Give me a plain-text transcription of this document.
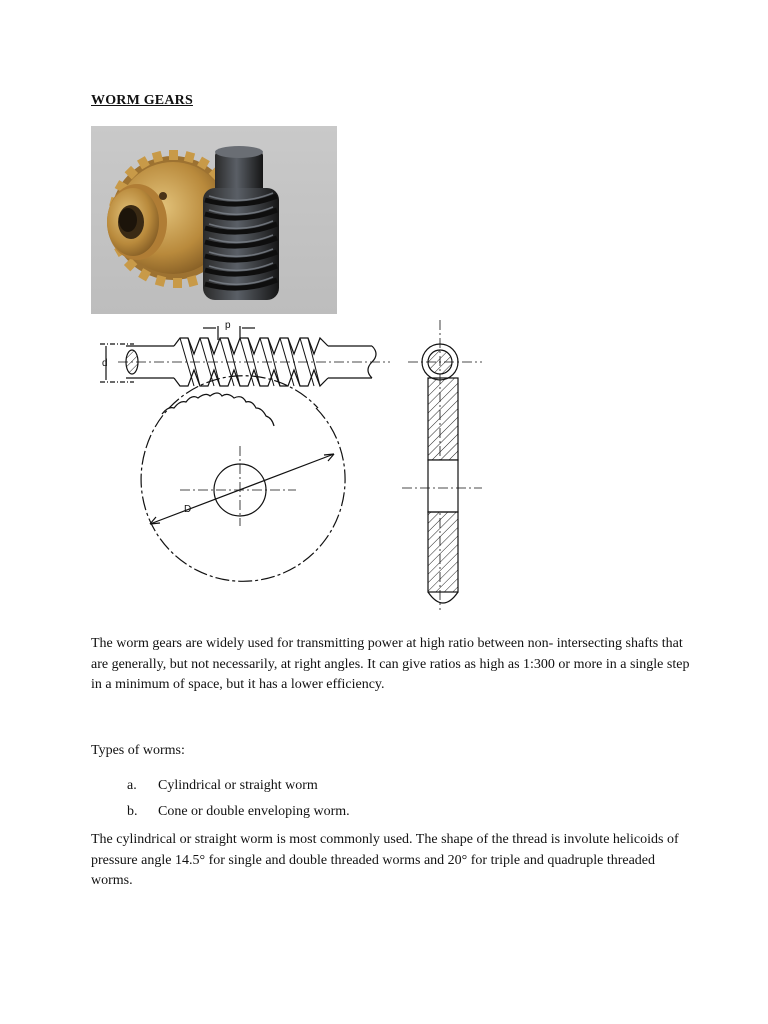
WORM GEARS
p
d
D

The worm gears are widely used for transmitting power at high ratio between non- intersecting shafts that are generally, but not necessarily, at right angles. It can give ratios as high as 1:300 or more in a single step in a minimum of space, but it has a lower efficiency.

Types of worms:
a. Cylindrical or straight worm
b. Cone or double enveloping worm.

The cylindrical or straight worm is most commonly used. The shape of the thread is involute helicoids of pressure angle 14.5° for single and double threaded worms and 20° for triple and quadruple threaded worms.
